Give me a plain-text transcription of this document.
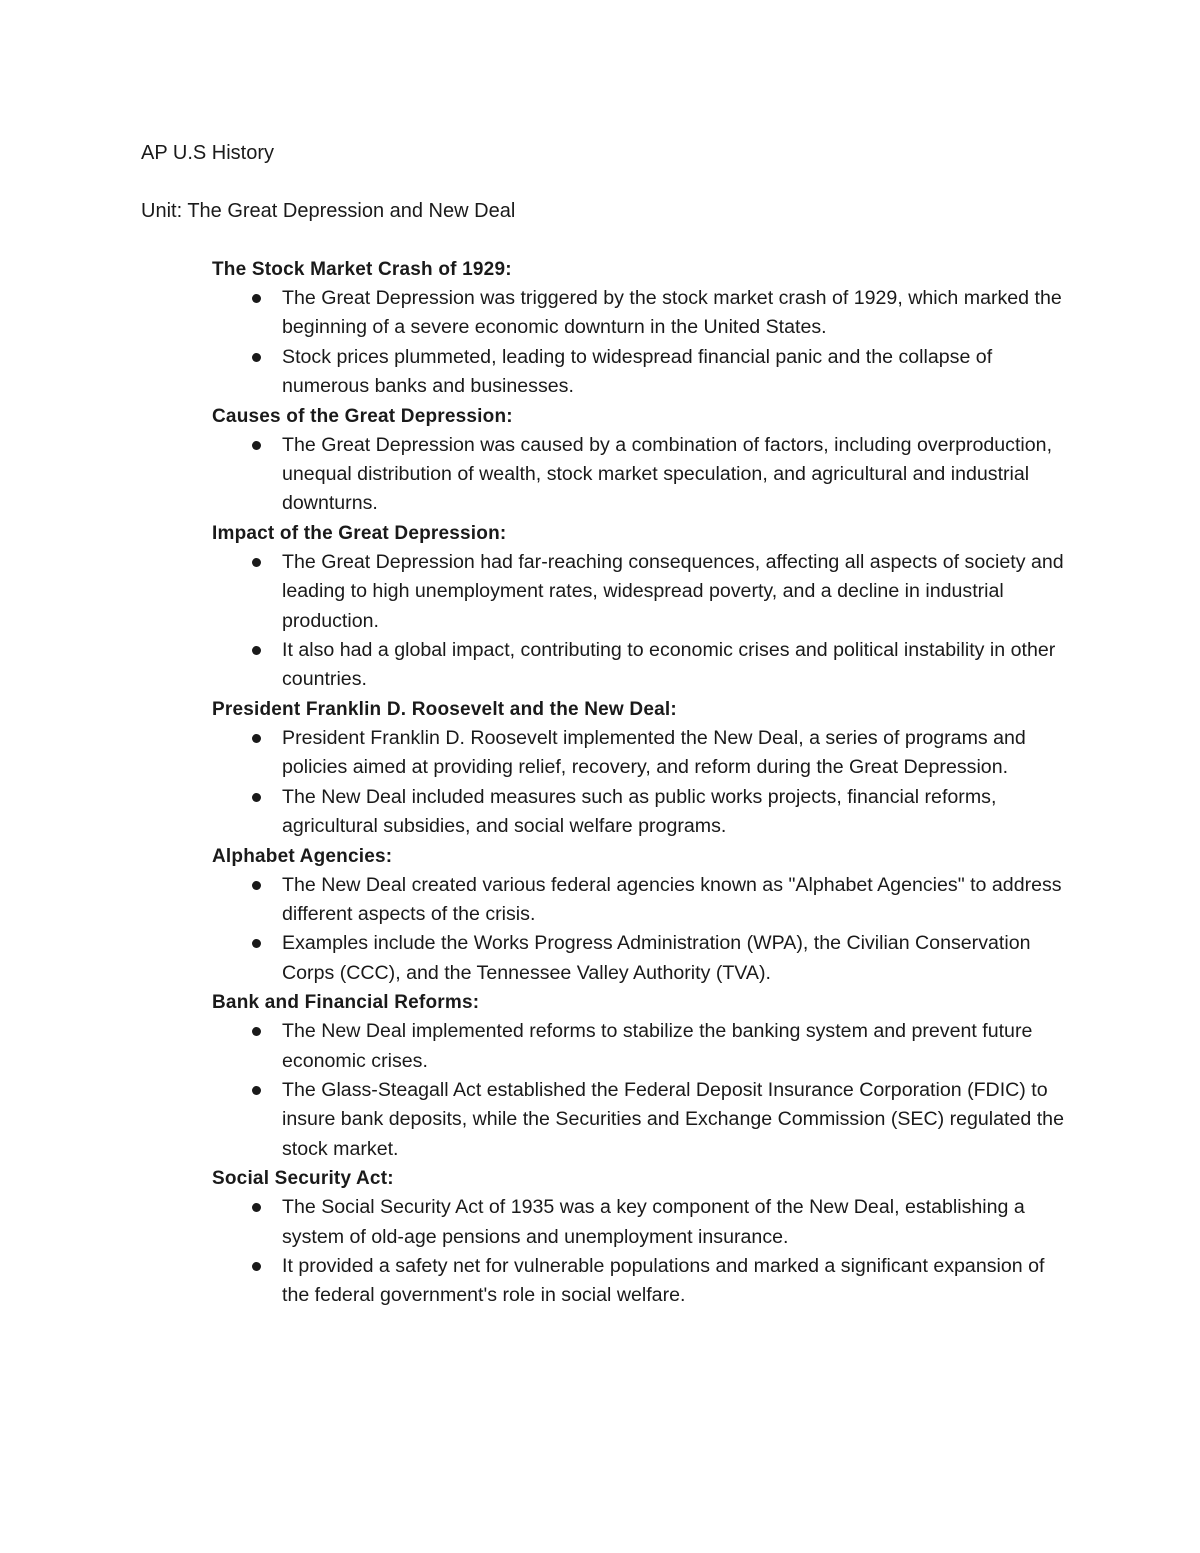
AP U.S History

Unit: The Great Depression and New Deal

The Stock Market Crash of 1929:

The Great Depression was triggered by the stock market crash of 1929, which marked the beginning of a severe economic downturn in the United States.
Stock prices plummeted, leading to widespread financial panic and the collapse of numerous banks and businesses.

Causes of the Great Depression:

The Great Depression was caused by a combination of factors, including overproduction, unequal distribution of wealth, stock market speculation, and agricultural and industrial downturns.

Impact of the Great Depression:

The Great Depression had far-reaching consequences, affecting all aspects of society and leading to high unemployment rates, widespread poverty, and a decline in industrial production.
It also had a global impact, contributing to economic crises and political instability in other countries.

President Franklin D. Roosevelt and the New Deal:

President Franklin D. Roosevelt implemented the New Deal, a series of programs and policies aimed at providing relief, recovery, and reform during the Great Depression.
The New Deal included measures such as public works projects, financial reforms, agricultural subsidies, and social welfare programs.

Alphabet Agencies:

The New Deal created various federal agencies known as "Alphabet Agencies" to address different aspects of the crisis.
Examples include the Works Progress Administration (WPA), the Civilian Conservation Corps (CCC), and the Tennessee Valley Authority (TVA).

Bank and Financial Reforms:

The New Deal implemented reforms to stabilize the banking system and prevent future economic crises.
The Glass-Steagall Act established the Federal Deposit Insurance Corporation (FDIC) to insure bank deposits, while the Securities and Exchange Commission (SEC) regulated the stock market.

Social Security Act:

The Social Security Act of 1935 was a key component of the New Deal, establishing a system of old-age pensions and unemployment insurance.
It provided a safety net for vulnerable populations and marked a significant expansion of the federal government's role in social welfare.
